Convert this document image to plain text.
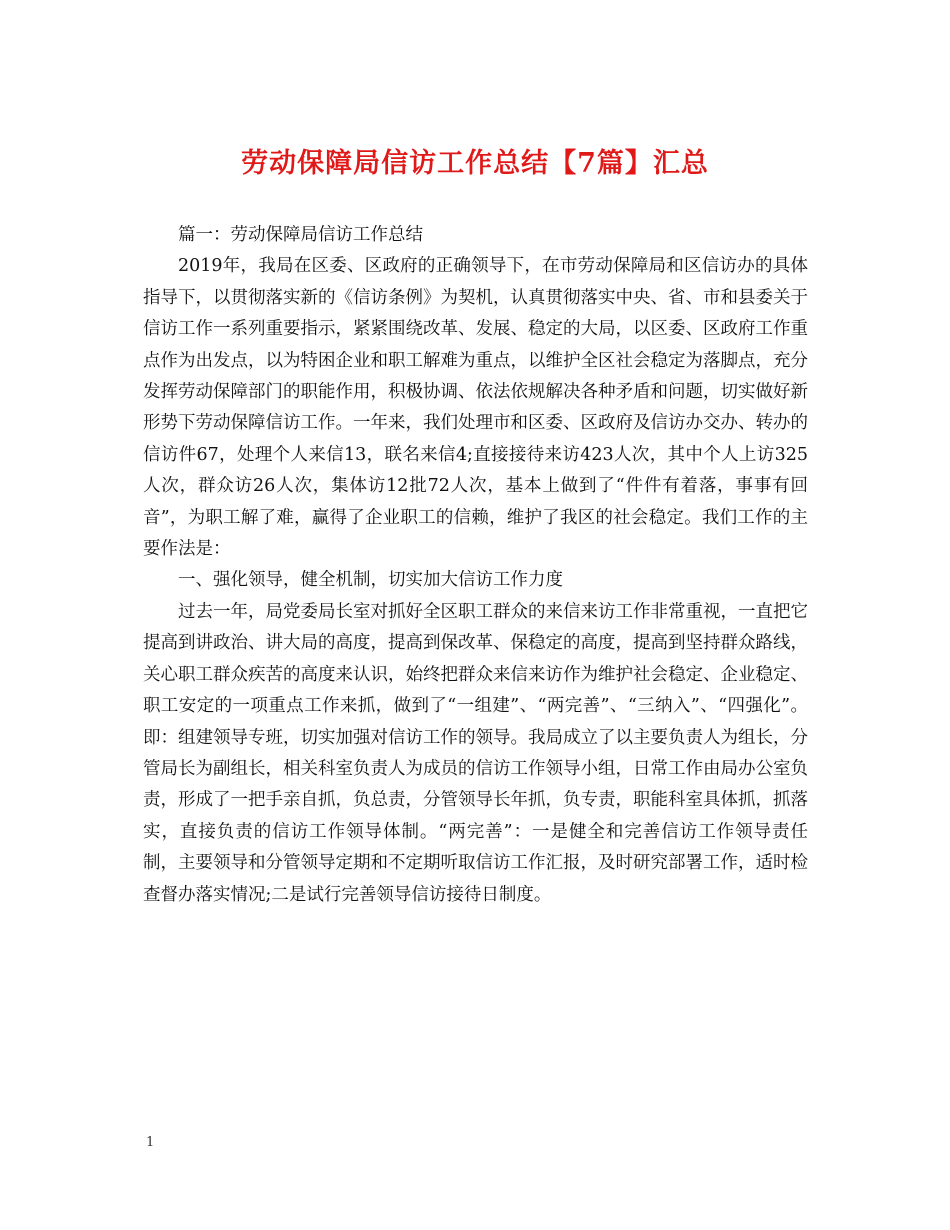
劳动保障局信访工作总结【7篇】汇总

篇一：劳动保障局信访工作总结

2019年，我局在区委、区政府的正确领导下，在市劳动保障局和区信访办的具体指导下，以贯彻落实新的《信访条例》为契机，认真贯彻落实中央、省、市和县委关于信访工作一系列重要指示，紧紧围绕改革、发展、稳定的大局，以区委、区政府工作重点作为出发点，以为特困企业和职工解难为重点，以维护全区社会稳定为落脚点，充分发挥劳动保障部门的职能作用，积极协调、依法依规解决各种矛盾和问题，切实做好新形势下劳动保障信访工作。一年来，我们处理市和区委、区政府及信访办交办、转办的信访件67，处理个人来信13，联名来信4;直接接待来访423人次，其中个人上访325人次，群众访26人次，集体访12批72人次，基本上做到了“件件有着落，事事有回音”，为职工解了难，赢得了企业职工的信赖，维护了我区的社会稳定。我们工作的主要作法是：

一、强化领导，健全机制，切实加大信访工作力度

过去一年，局党委局长室对抓好全区职工群众的来信来访工作非常重视，一直把它提高到讲政治、讲大局的高度，提高到保改革、保稳定的高度，提高到坚持群众路线，关心职工群众疾苦的高度来认识，始终把群众来信来访作为维护社会稳定、企业稳定、职工安定的一项重点工作来抓，做到了“一组建”、“两完善”、“三纳入”、“四强化”。即：组建领导专班，切实加强对信访工作的领导。我局成立了以主要负责人为组长，分管局长为副组长，相关科室负责人为成员的信访工作领导小组，日常工作由局办公室负责，形成了一把手亲自抓，负总责，分管领导长年抓，负专责，职能科室具体抓，抓落实，直接负责的信访工作领导体制。“两完善”：一是健全和完善信访工作领导责任制，主要领导和分管领导定期和不定期听取信访工作汇报，及时研究部署工作，适时检查督办落实情况;二是试行完善领导信访接待日制度。

1
